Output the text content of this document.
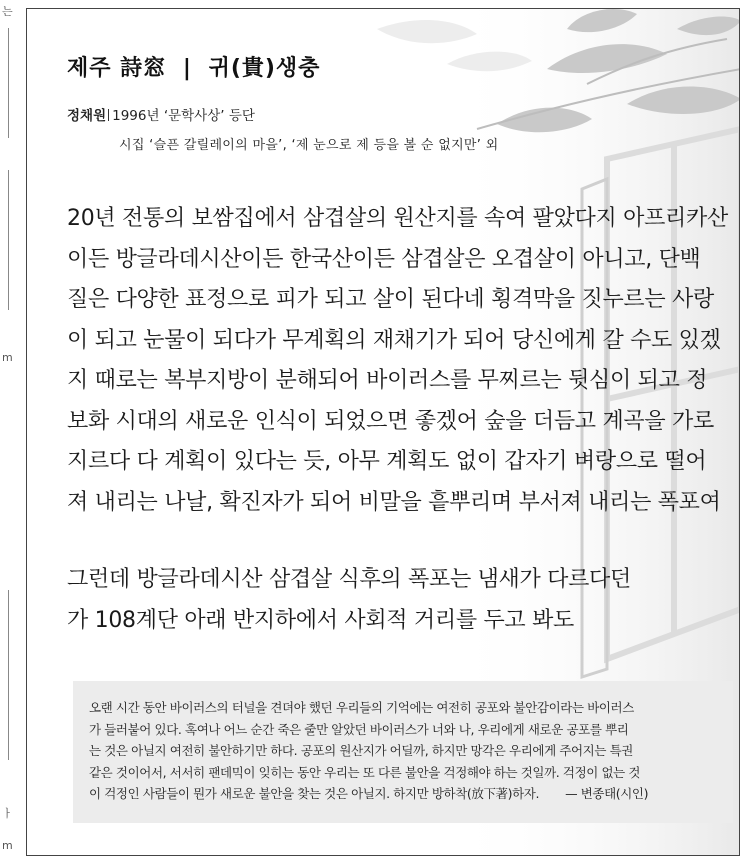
는
m
ㅏ
m
제주 詩窓 | 귀(貴)생충
정채원 1996년 ‘문학사상’ 등단
시집 ‘슬픈 갈릴레이의 마을’, ‘제 눈으로 제 등을 볼 순 없지만’ 외
20년 전통의 보쌈집에서 삼겹살의 원산지를 속여 팔았다지 아프리카산
이든 방글라데시산이든 한국산이든 삼겹살은 오겹살이 아니고, 단백
질은 다양한 표정으로 피가 되고 살이 된다네 횡격막을 짓누르는 사랑
이 되고 눈물이 되다가 무계획의 재채기가 되어 당신에게 갈 수도 있겠
지 때로는 복부지방이 분해되어 바이러스를 무찌르는 뒷심이 되고 정
보화 시대의 새로운 인식이 되었으면 좋겠어 숲을 더듬고 계곡을 가로
지르다 다 계획이 있다는 듯, 아무 계획도 없이 갑자기 벼랑으로 떨어
져 내리는 나날, 확진자가 되어 비말을 흩뿌리며 부서져 내리는 폭포여
그런데 방글라데시산 삼겹살 식후의 폭포는 냄새가 다르다던
가 108계단 아래 반지하에서 사회적 거리를 두고 봐도
오랜 시간 동안 바이러스의 터널을 견뎌야 했던 우리들의 기억에는 여전히 공포와 불안감이라는 바이러스
가 들러붙어 있다. 혹여나 어느 순간 죽은 줄만 알았던 바이러스가 너와 나, 우리에게 새로운 공포를 뿌리
는 것은 아닐지 여전히 불안하기만 하다. 공포의 원산지가 어딜까, 하지만 망각은 우리에게 주어지는 특권
같은 것이어서, 서서히 팬데믹이 잊히는 동안 우리는 또 다른 불안을 걱정해야 하는 것일까. 걱정이 없는 것
이 걱정인 사람들이 뭔가 새로운 불안을 찾는 것은 아닐지. 하지만 방하착(放下著)하자. — 변종태(시인)
